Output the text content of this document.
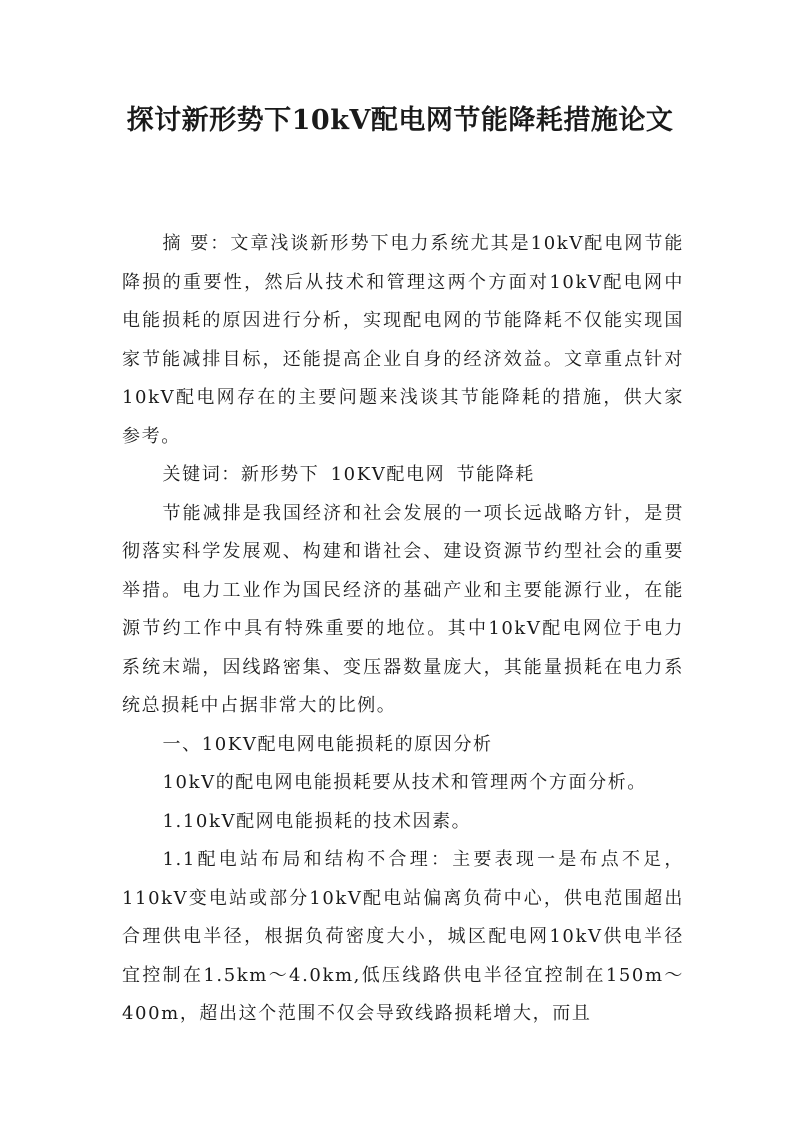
探讨新形势下10kV配电网节能降耗措施论文

摘 要：文章浅谈新形势下电力系统尤其是10kV配电网节能降损的重要性，然后从技术和管理这两个方面对10kV配电网中电能损耗的原因进行分析，实现配电网的节能降耗不仅能实现国家节能减排目标，还能提高企业自身的经济效益。文章重点针对10kV配电网存在的主要问题来浅谈其节能降耗的措施，供大家参考。

关键词：新形势下 10KV配电网 节能降耗

节能减排是我国经济和社会发展的一项长远战略方针，是贯彻落实科学发展观、构建和谐社会、建设资源节约型社会的重要举措。电力工业作为国民经济的基础产业和主要能源行业，在能源节约工作中具有特殊重要的地位。其中10kV配电网位于电力系统末端，因线路密集、变压器数量庞大，其能量损耗在电力系统总损耗中占据非常大的比例。

一、10KV配电网电能损耗的原因分析

10kV的配电网电能损耗要从技术和管理两个方面分析。

1.10kV配网电能损耗的技术因素。

1.1配电站布局和结构不合理：主要表现一是布点不足，110kV变电站或部分10kV配电站偏离负荷中心，供电范围超出合理供电半径，根据负荷密度大小，城区配电网10kV供电半径宜控制在1.5km～4.0km,低压线路供电半径宜控制在150m～400m，超出这个范围不仅会导致线路损耗增大，而且
